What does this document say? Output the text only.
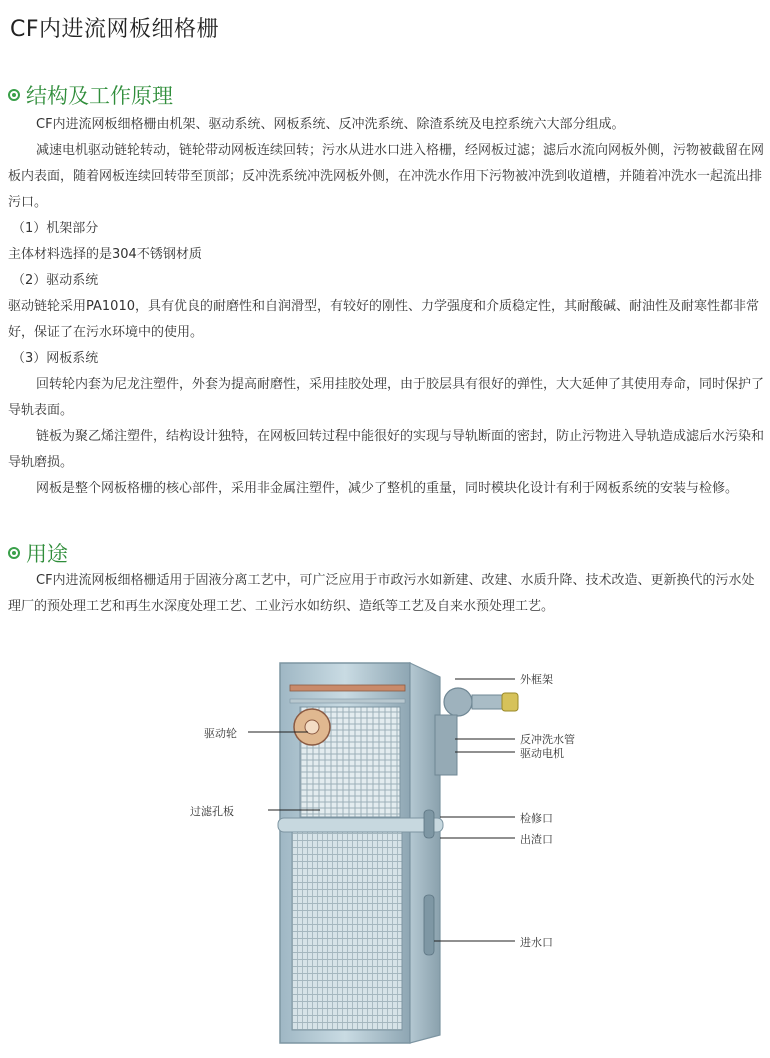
CF内进流网板细格栅
结构及工作原理

CF内进流网板细格栅由机架、驱动系统、网板系统、反冲洗系统、除渣系统及电控系统六大部分组成。

减速电机驱动链轮转动，链轮带动网板连续回转；污水从进水口进入格栅，经网板过滤；滤后水流向网板外侧，污物被截留在网板内表面，随着网板连续回转带至顶部；反冲洗系统冲洗网板外侧，在冲洗水作用下污物被冲洗到收道槽，并随着冲洗水一起流出排污口。

（1）机架部分

主体材料选择的是304不锈钢材质

（2）驱动系统

驱动链轮采用PA1010，具有优良的耐磨性和自润滑型，有较好的刚性、力学强度和介质稳定性，其耐酸碱、耐油性及耐寒性都非常好，保证了在污水环境中的使用。

（3）网板系统

回转轮内套为尼龙注塑件，外套为提高耐磨性，采用挂胶处理，由于胶层具有很好的弹性，大大延伸了其使用寿命，同时保护了导轨表面。

链板为聚乙烯注塑件，结构设计独特，在网板回转过程中能很好的实现与导轨断面的密封，防止污物进入导轨造成滤后水污染和导轨磨损。

网板是整个网板格栅的核心部件，采用非金属注塑件，减少了整机的重量，同时模块化设计有利于网板系统的安装与检修。

用途

CF内进流网板细格栅适用于固液分离工艺中，可广泛应用于市政污水如新建、改建、水质升降、技术改造、更新换代的污水处理厂的预处理工艺和再生水深度处理工艺、工业污水如纺织、造纸等工艺及自来水预处理工艺。

驱动轮
过滤孔板
外框架
反冲洗水管
驱动电机
检修口
出渣口
进水口
